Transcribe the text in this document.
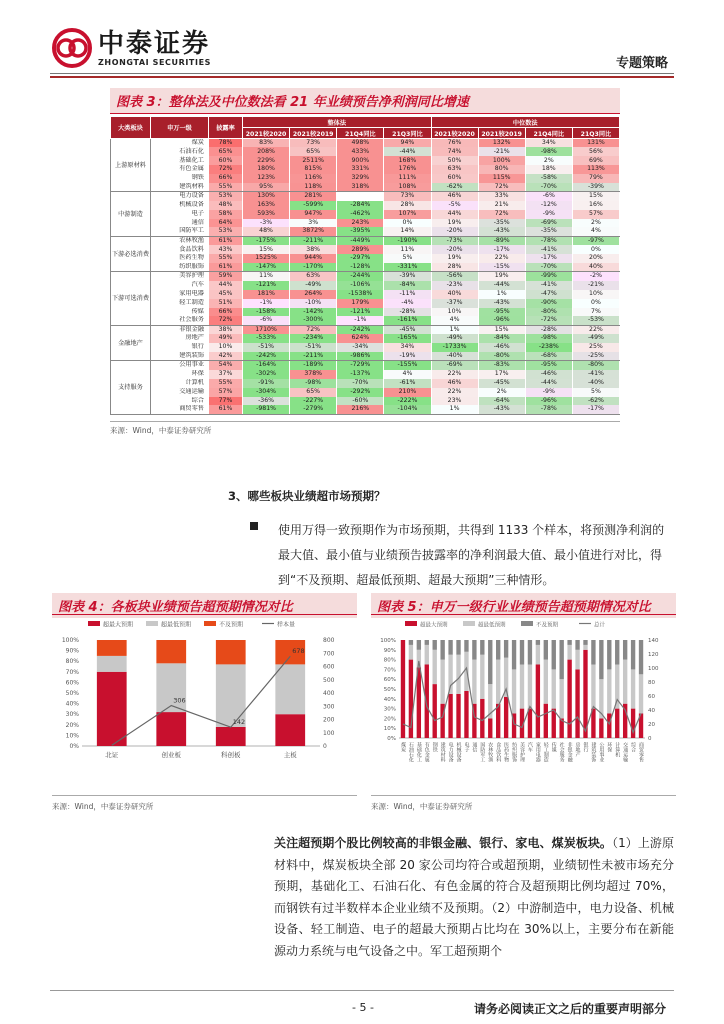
中泰证券
ZHONGTAI SECURITIES	专题策略
图表 3：整体法及中位数法看 21 年业绩预告净利润同比增速
大类板块	申万一级	披露率	整体法				中位数法			
			2021较2020	2021较2019	21Q4同比	21Q3同比	2021较2020	2021较2019	21Q4同比	21Q3同比
上游原材料	煤炭	78%	83%	73%	498%	94%	76%	132%	34%	131%
	石油石化	65%	208%	65%	433%	-44%	74%	-21%	-98%	56%
	基础化工	60%	229%	2511%	900%	168%	50%	100%	2%	69%
	有色金属	72%	180%	815%	331%	176%	63%	80%	18%	113%
	钢铁	66%	123%	116%	329%	111%	60%	115%	-58%	79%
	建筑材料	55%	95%	118%	318%	108%	-62%	72%	-70%	-39%
中游制造	电力设备	53%	130%	281%		73%	46%	33%	-6%	15%
	机械设备	48%	163%	-599%	-284%	28%	-5%	21%	-12%	16%
	电子	58%	593%	947%	-462%	107%	44%	72%	-9%	57%
	通信	64%	-3%	3%	243%	0%	19%	-35%	-69%	2%
	国防军工	53%	48%	3872%	-395%	14%	-20%	-43%	-35%	4%
下游必选消费	农林牧渔	61%	-175%	-211%	-449%	-190%	-73%	-89%	-78%	-97%
	食品饮料	43%	15%	38%	289%	11%	-20%	-17%	-41%	0%
	医药生物	55%	1525%	944%	-297%	5%	19%	22%	-17%	20%
	纺织服饰	61%	-147%	-170%	-128%	-331%	28%	-15%	-70%	40%
下游可选消费	美容护理	59%	11%	63%	-244%	-39%	-56%	19%	-99%	-2%
	汽车	44%	-121%	-49%	-106%	-84%	-23%	-44%	-41%	-21%
	家用电器	45%	181%	264%	-1538%	-11%	40%	1%	-47%	10%
	轻工制造	51%	-1%	-10%	179%	-4%	-37%	-43%	-90%	0%
	传媒	66%	-158%	-142%	-121%	-28%	10%	-95%	-80%	7%
	社会服务	72%	-6%	-300%	-1%	-161%	4%	-96%	-72%	-53%
金融地产	非银金融	38%	1710%	72%	-242%	-45%	1%	15%	-28%	22%
	房地产	49%	-533%	-234%	624%	-165%	-49%	-84%	-98%	-49%
	银行	10%	-51%	-51%	-34%	34%	-1733%	-46%	-238%	25%
	建筑装饰	42%	-242%	-211%	-986%	-19%	-40%	-80%	-68%	-25%
支持服务	公用事业	54%	-164%	-189%	-729%	-155%	-69%	-83%	-95%	-80%
	环保	37%	-302%	378%	-137%	4%	22%	17%	-46%	-41%
	计算机	55%	-91%	-98%	-70%	-61%	46%	-45%	-44%	-40%
	交通运输	57%	-304%	65%	-292%	210%	22%	2%	-9%	5%
	综合	77%	-36%	-227%	-60%	-222%	23%	-64%	-96%	-62%
	商贸零售	61%	-981%	-279%	216%	-104%	1%	-43%	-78%	-17%
来源：Wind，中泰证券研究所
3、哪些板块业绩超市场预期？
使用万得一致预期作为市场预期，共得到 1133 个样本，将预测净利润的最大值、最小值与业绩预告披露率的净利润最大值、最小值进行对比，得到“不及预期、超最低预期、超最大预期”三种情形。
图表 4：各板块业绩预告超预期情况对比
超最大预期	超最低预期	不及预期	样本量
0%
10%
20%
30%
40%
50%
60%
70%
80%
90%
100%
0
100
200
300
400
500
600
700
800
北证	创业板	科创板	主板
306
142
678
来源：Wind，中泰证券研究所
图表 5：申万一级行业业绩预告超预期情况对比
超最大预期	超最低预期	不及预期	总计
0%
10%
20%
30%
40%
50%
60%
70%
80%
90%
100%
0
20
40
60
80
100
120
140
煤炭 石油石化 基础化工 有色金属 钢铁 建筑材料 电力设备 机械设备 电子 通信 国防军工 农林牧渔 食品饮料 医药生物 纺织服饰 美容护理 汽车 家用电器 轻工制造 传媒 社会服务 非银金融 房地产 银行 建筑装饰 公用事业 环保 计算机 交通运输 综合 商贸零售
来源：Wind，中泰证券研究所
关注超预期个股比例较高的非银金融、银行、家电、煤炭板块。（1）上游原材料中，煤炭板块全部 20 家公司均符合或超预期，业绩韧性未被市场充分预期，基础化工、石油石化、有色金属的符合及超预期比例均超过 70%，而钢铁有过半数样本企业业绩不及预期。（2）中游制造中，电力设备、机械设备、轻工制造、电子的超最大预期占比均在 30%以上，主要分布在新能源动力系统与电气设备之中。军工超预期个
- 5 -	请务必阅读正文之后的重要声明部分
